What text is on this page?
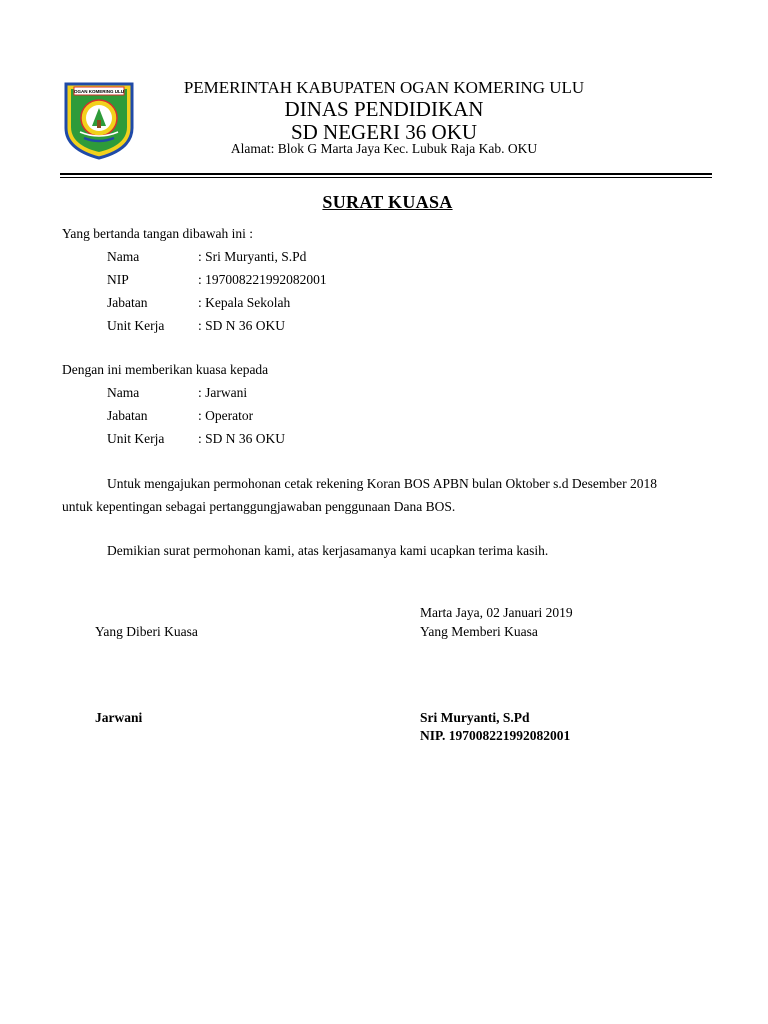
OGAN KOMERING ULU	PEMERINTAH KABUPATEN OGAN KOMERING ULU
DINAS PENDIDIKAN
SD NEGERI 36 OKU
Alamat: Blok G Marta Jaya Kec. Lubuk Raja Kab. OKU
SURAT KUASA
Yang bertanda tangan dibawah ini :
Nama	: Sri Muryanti, S.Pd
NIP	: 197008221992082001
Jabatan	: Kepala Sekolah
Unit Kerja : SD N 36 OKU
Dengan ini memberikan kuasa kepada
Nama	: Jarwani
Jabatan	: Operator
Unit Kerja : SD N 36 OKU
Untuk mengajukan permohonan cetak rekening Koran BOS APBN bulan Oktober s.d Desember 2018
untuk kepentingan sebagai pertanggungjawaban penggunaan Dana BOS.
Demikian surat permohonan kami, atas kerjasamanya kami ucapkan terima kasih.
Marta Jaya, 02 Januari 2019
Yang Diberi Kuasa	Yang Memberi Kuasa
Jarwani	Sri Muryanti, S.Pd
NIP. 197008221992082001
